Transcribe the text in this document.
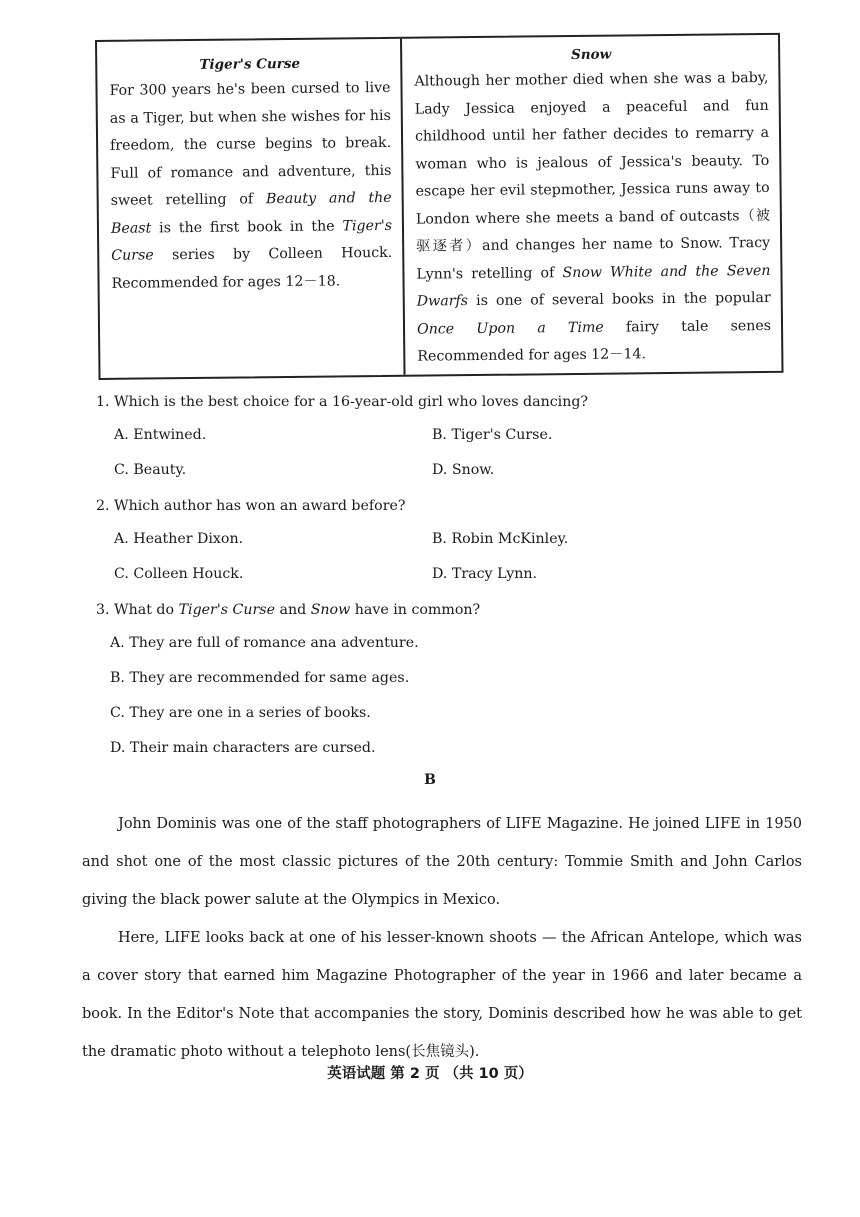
Tiger's Curse

For 300 years he's been cursed to live as a Tiger, but when she wishes for his freedom, the curse begins to break. Full of romance and adventure, this sweet retelling of Beauty and the Beast is the first book in the Tiger's Curse series by Colleen Houck. Recommended for ages 12－18.

Snow

Although her mother died when she was a baby, Lady Jessica enjoyed a peaceful and fun childhood until her father decides to remarry a woman who is jealous of Jessica's beauty. To escape her evil stepmother, Jessica runs away to London where she meets a band of outcasts（被驱逐者）and changes her name to Snow. Tracy Lynn's retelling of Snow White and the Seven Dwarfs is one of several books in the popular Once Upon a Time fairy tale senes Recommended for ages 12－14.

1. Which is the best choice for a 16-year-old girl who loves dancing?
A. Entwined.	B. Tiger's Curse.
C. Beauty.	D. Snow.
2. Which author has won an award before?
A. Heather Dixon.	B. Robin McKinley.
C. Colleen Houck.	D. Tracy Lynn.
3. What do Tiger's Curse and Snow have in common?
A. They are full of romance ana adventure.
B. They are recommended for same ages.
C. They are one in a series of books.
D. Their main characters are cursed.
B

John Dominis was one of the staff photographers of LIFE Magazine. He joined LIFE in 1950 and shot one of the most classic pictures of the 20th century: Tommie Smith and John Carlos giving the black power salute at the Olympics in Mexico.

Here, LIFE looks back at one of his lesser-known shoots — the African Antelope, which was a cover story that earned him Magazine Photographer of the year in 1966 and later became a book. In the Editor's Note that accompanies the story, Dominis described how he was able to get the dramatic photo without a telephoto lens(长焦镜头).

英语试题 第 2 页 （共 10 页）
